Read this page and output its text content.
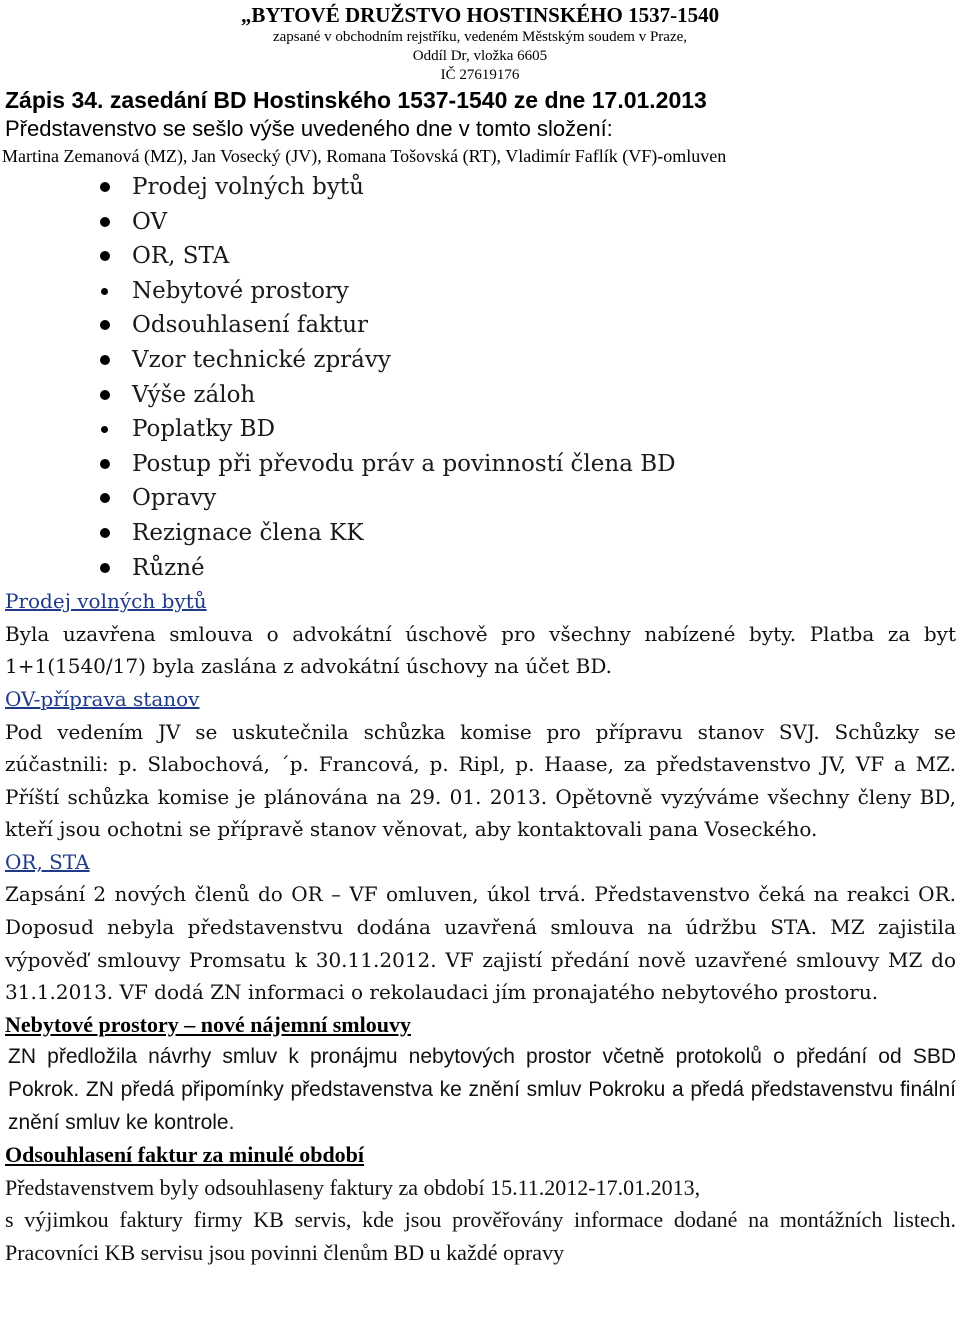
„BYTOVÉ DRUŽSTVO HOSTINSKÉHO 1537-1540
zapsané v obchodním rejstříku, vedeném Městským soudem v Praze,
Oddíl Dr, vložka 6605
IČ 27619176
Zápis 34. zasedání BD Hostinského 1537-1540 ze dne 17.01.2013
Představenstvo se sešlo výše uvedeného dne v tomto složení:
Martina Zemanová (MZ), Jan Vosecký (JV), Romana Tošovská (RT), Vladimír Faflík (VF)-omluven
Prodej volných bytů
OV
OR, STA
Nebytové prostory
Odsouhlasení faktur
Vzor technické zprávy
Výše záloh
Poplatky BD
Postup při převodu práv a povinností člena BD
Opravy
Rezignace člena KK
Různé
Prodej volných bytů
Byla uzavřena smlouva o advokátní úschově pro všechny nabízené byty. Platba za byt 1+1(1540/17) byla zaslána z advokátní úschovy na účet BD.
OV-příprava stanov
Pod vedením JV se uskutečnila schůzka komise pro přípravu stanov SVJ. Schůzky se zúčastnili: p. Slabochová, ´p. Francová, p. Ripl, p. Haase, za představenstvo JV, VF a MZ. Příští schůzka komise je plánována na 29. 01. 2013. Opětovně vyzýváme všechny členy BD, kteří jsou ochotni se přípravě stanov věnovat, aby kontaktovali pana Voseckého.
OR, STA
Zapsání 2 nových členů do OR – VF omluven, úkol trvá. Představenstvo čeká na reakci OR. Doposud nebyla představenstvu dodána uzavřená smlouva na údržbu STA. MZ zajistila výpověď smlouvy Promsatu k 30.11.2012. VF zajistí předání nově uzavřené smlouvy MZ do 31.1.2013. VF dodá ZN informaci o rekolaudaci jím pronajatého nebytového prostoru.
Nebytové prostory – nové nájemní smlouvy
ZN předložila návrhy smluv k pronájmu nebytových prostor včetně protokolů o předání od SBD Pokrok. ZN předá připomínky představenstva ke znění smluv Pokroku a předá představenstvu finální znění smluv ke kontrole.
Odsouhlasení faktur za minulé období
Představenstvem byly odsouhlaseny faktury za období 15.11.2012-17.01.2013,
s výjimkou faktury firmy KB servis, kde jsou prověřovány informace dodané na montážních listech. Pracovníci KB servisu jsou povinni členům BD u každé opravy
